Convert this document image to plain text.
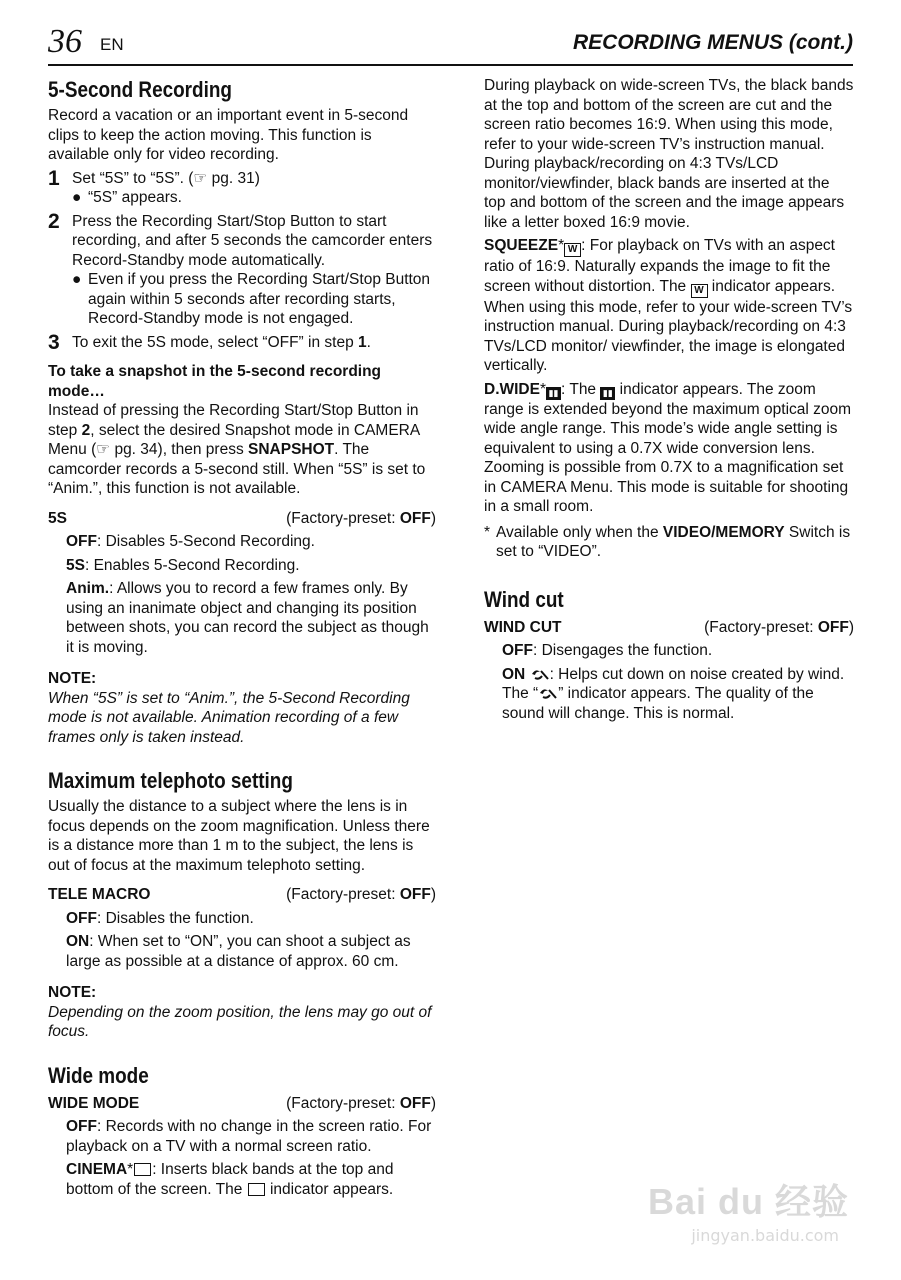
36 EN	RECORDING MENUS (cont.)
5-Second Recording

Record a vacation or an important event in 5-second clips to keep the action moving. This function is available only for video recording.

1 Set “5S” to “5S”. (☞ pg. 31)

● “5S” appears.
2 Press the Recording Start/Stop Button to start recording, and after 5 seconds the camcorder enters Record-Standby mode automatically.

● Even if you press the Recording Start/Stop Button again within 5 seconds after recording starts, Record-Standby mode is not engaged.
3 To exit the 5S mode, select “OFF” in step 1.

To take a snapshot in the 5-second recording mode…

Instead of pressing the Recording Start/Stop Button in step 2, select the desired Snapshot mode in CAMERA Menu (☞ pg. 34), then press SNAPSHOT. The camcorder records a 5-second still. When “5S” is set to “Anim.”, this function is not available.

5S	(Factory-preset: OFF)

OFF: Disables 5-Second Recording.

5S: Enables 5-Second Recording.

Anim.: Allows you to record a few frames only. By using an inanimate object and changing its position between shots, you can record the subject as though it is moving.

NOTE:

When “5S” is set to “Anim.”, the 5-Second Recording mode is not available. Animation recording of a few frames only is taken instead.

Maximum telephoto setting

Usually the distance to a subject where the lens is in focus depends on the zoom magnification. Unless there is a distance more than 1 m to the subject, the lens is out of focus at the maximum telephoto setting.

TELE MACRO	(Factory-preset: OFF)

OFF: Disables the function.

ON: When set to “ON”, you can shoot a subject as large as possible at a distance of approx. 60 cm.

NOTE:

Depending on the zoom position, the lens may go out of focus.

Wide mode
WIDE MODE	(Factory-preset: OFF)

OFF: Records with no change in the screen ratio. For playback on a TV with a normal screen ratio.

CINEMA* : Inserts black bands at the top and bottom of the screen. The  indicator appears.

During playback on wide-screen TVs, the black bands at the top and bottom of the screen are cut and the screen ratio becomes 16:9. When using this mode, refer to your wide-screen TV’s instruction manual. During playback/recording on 4:3 TVs/LCD monitor/viewfinder, black bands are inserted at the top and bottom of the screen and the image appears like a letter boxed 16:9 movie.

SQUEEZE* W : For playback on TVs with an aspect ratio of 16:9. Naturally expands the image to fit the screen without distortion. The W indicator appears. When using this mode, refer to your wide-screen TV’s instruction manual. During playback/recording on 4:3 TVs/LCD monitor/ viewfinder, the image is elongated vertically.

D.WIDE* ▮▮ : The ▮▮ indicator appears. The zoom range is extended beyond the maximum optical zoom wide angle range. This mode’s wide angle setting is equivalent to using a 0.7X wide conversion lens. Zooming is possible from 0.7X to a magnification set in CAMERA Menu. This mode is suitable for shooting in a small room.

* Available only when the VIDEO/MEMORY Switch is set to “VIDEO”.

Wind cut
WIND CUT	(Factory-preset: OFF)

OFF: Disengages the function.

ON : Helps cut down on noise created by wind. The “ ” indicator appears. The quality of the sound will change. This is normal.

Bai du 经验
jingyan.baidu.com
